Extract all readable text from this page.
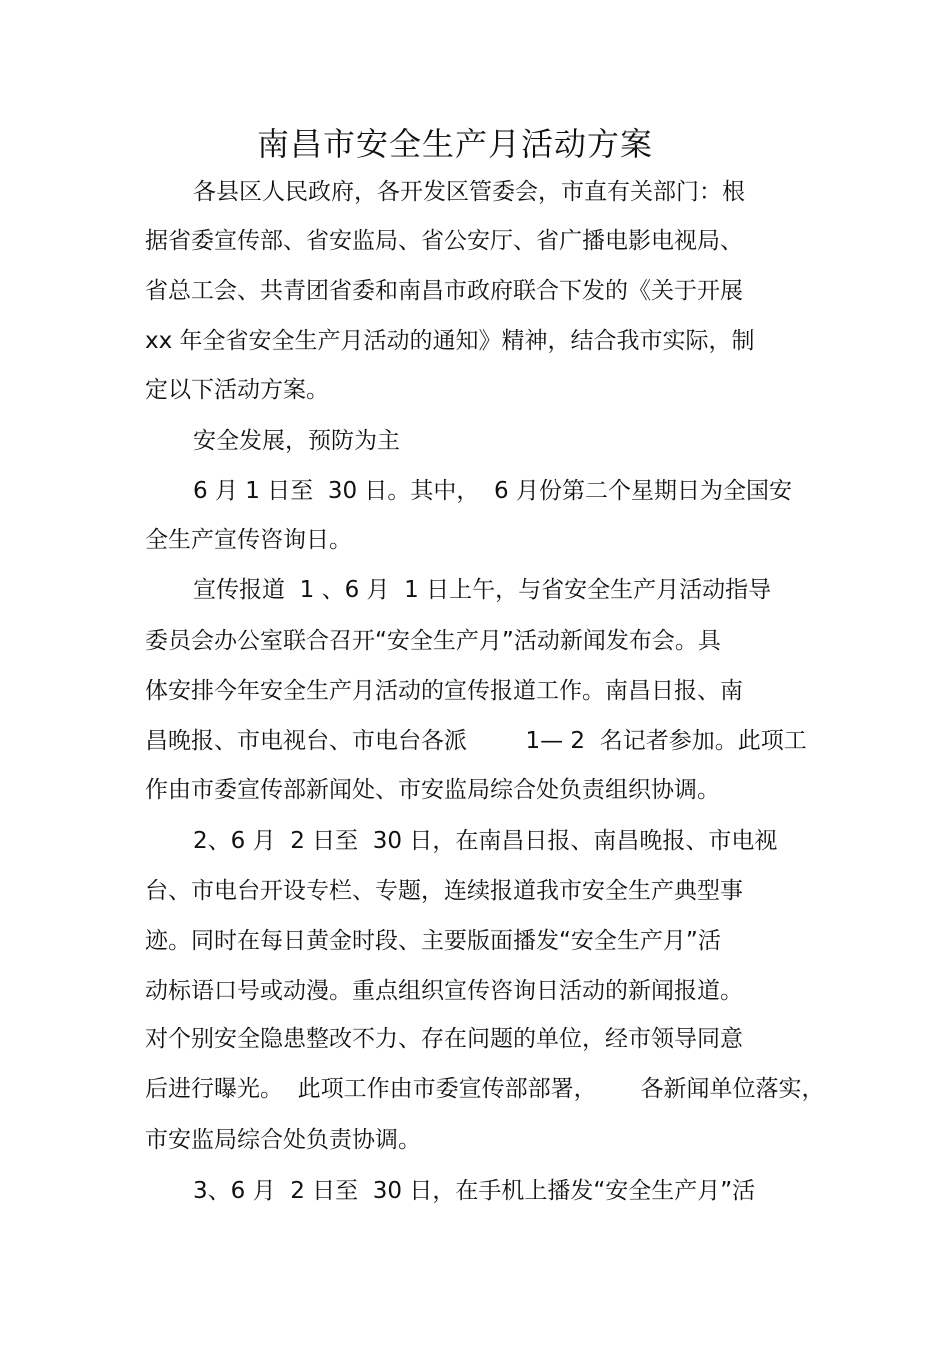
南昌市安全生产月活动方案
各县区人民政府，各开发区管委会，市直有关部门：根
据省委宣传部、省安监局、省公安厅、省广播电影电视局、
省总工会、共青团省委和南昌市政府联合下发的《关于开展
xx 年全省安全生产月活动的通知》精神，结合我市实际，制
定以下活动方案。
安全发展，预防为主
6 月 1 日至  30 日。其中，  6 月份第二个星期日为全国安
全生产宣传咨询日。
宣传报道  1 、6 月  1 日上午，与省安全生产月活动指导
委员会办公室联合召开“安全生产月”活动新闻发布会。具
体安排今年安全生产月活动的宣传报道工作。南昌日报、南
昌晚报、市电视台、市电台各派        1— 2  名记者参加。此项工
作由市委宣传部新闻处、市安监局综合处负责组织协调。
2、6 月  2 日至  30 日，在南昌日报、南昌晚报、市电视
台、市电台开设专栏、专题，连续报道我市安全生产典型事
迹。同时在每日黄金时段、主要版面播发“安全生产月”活
动标语口号或动漫。重点组织宣传咨询日活动的新闻报道。
对个别安全隐患整改不力、存在问题的单位，经市领导同意
后进行曝光。  此项工作由市委宣传部部署，      各新闻单位落实，
市安监局综合处负责协调。
3、6 月  2 日至  30 日，在手机上播发“安全生产月”活
